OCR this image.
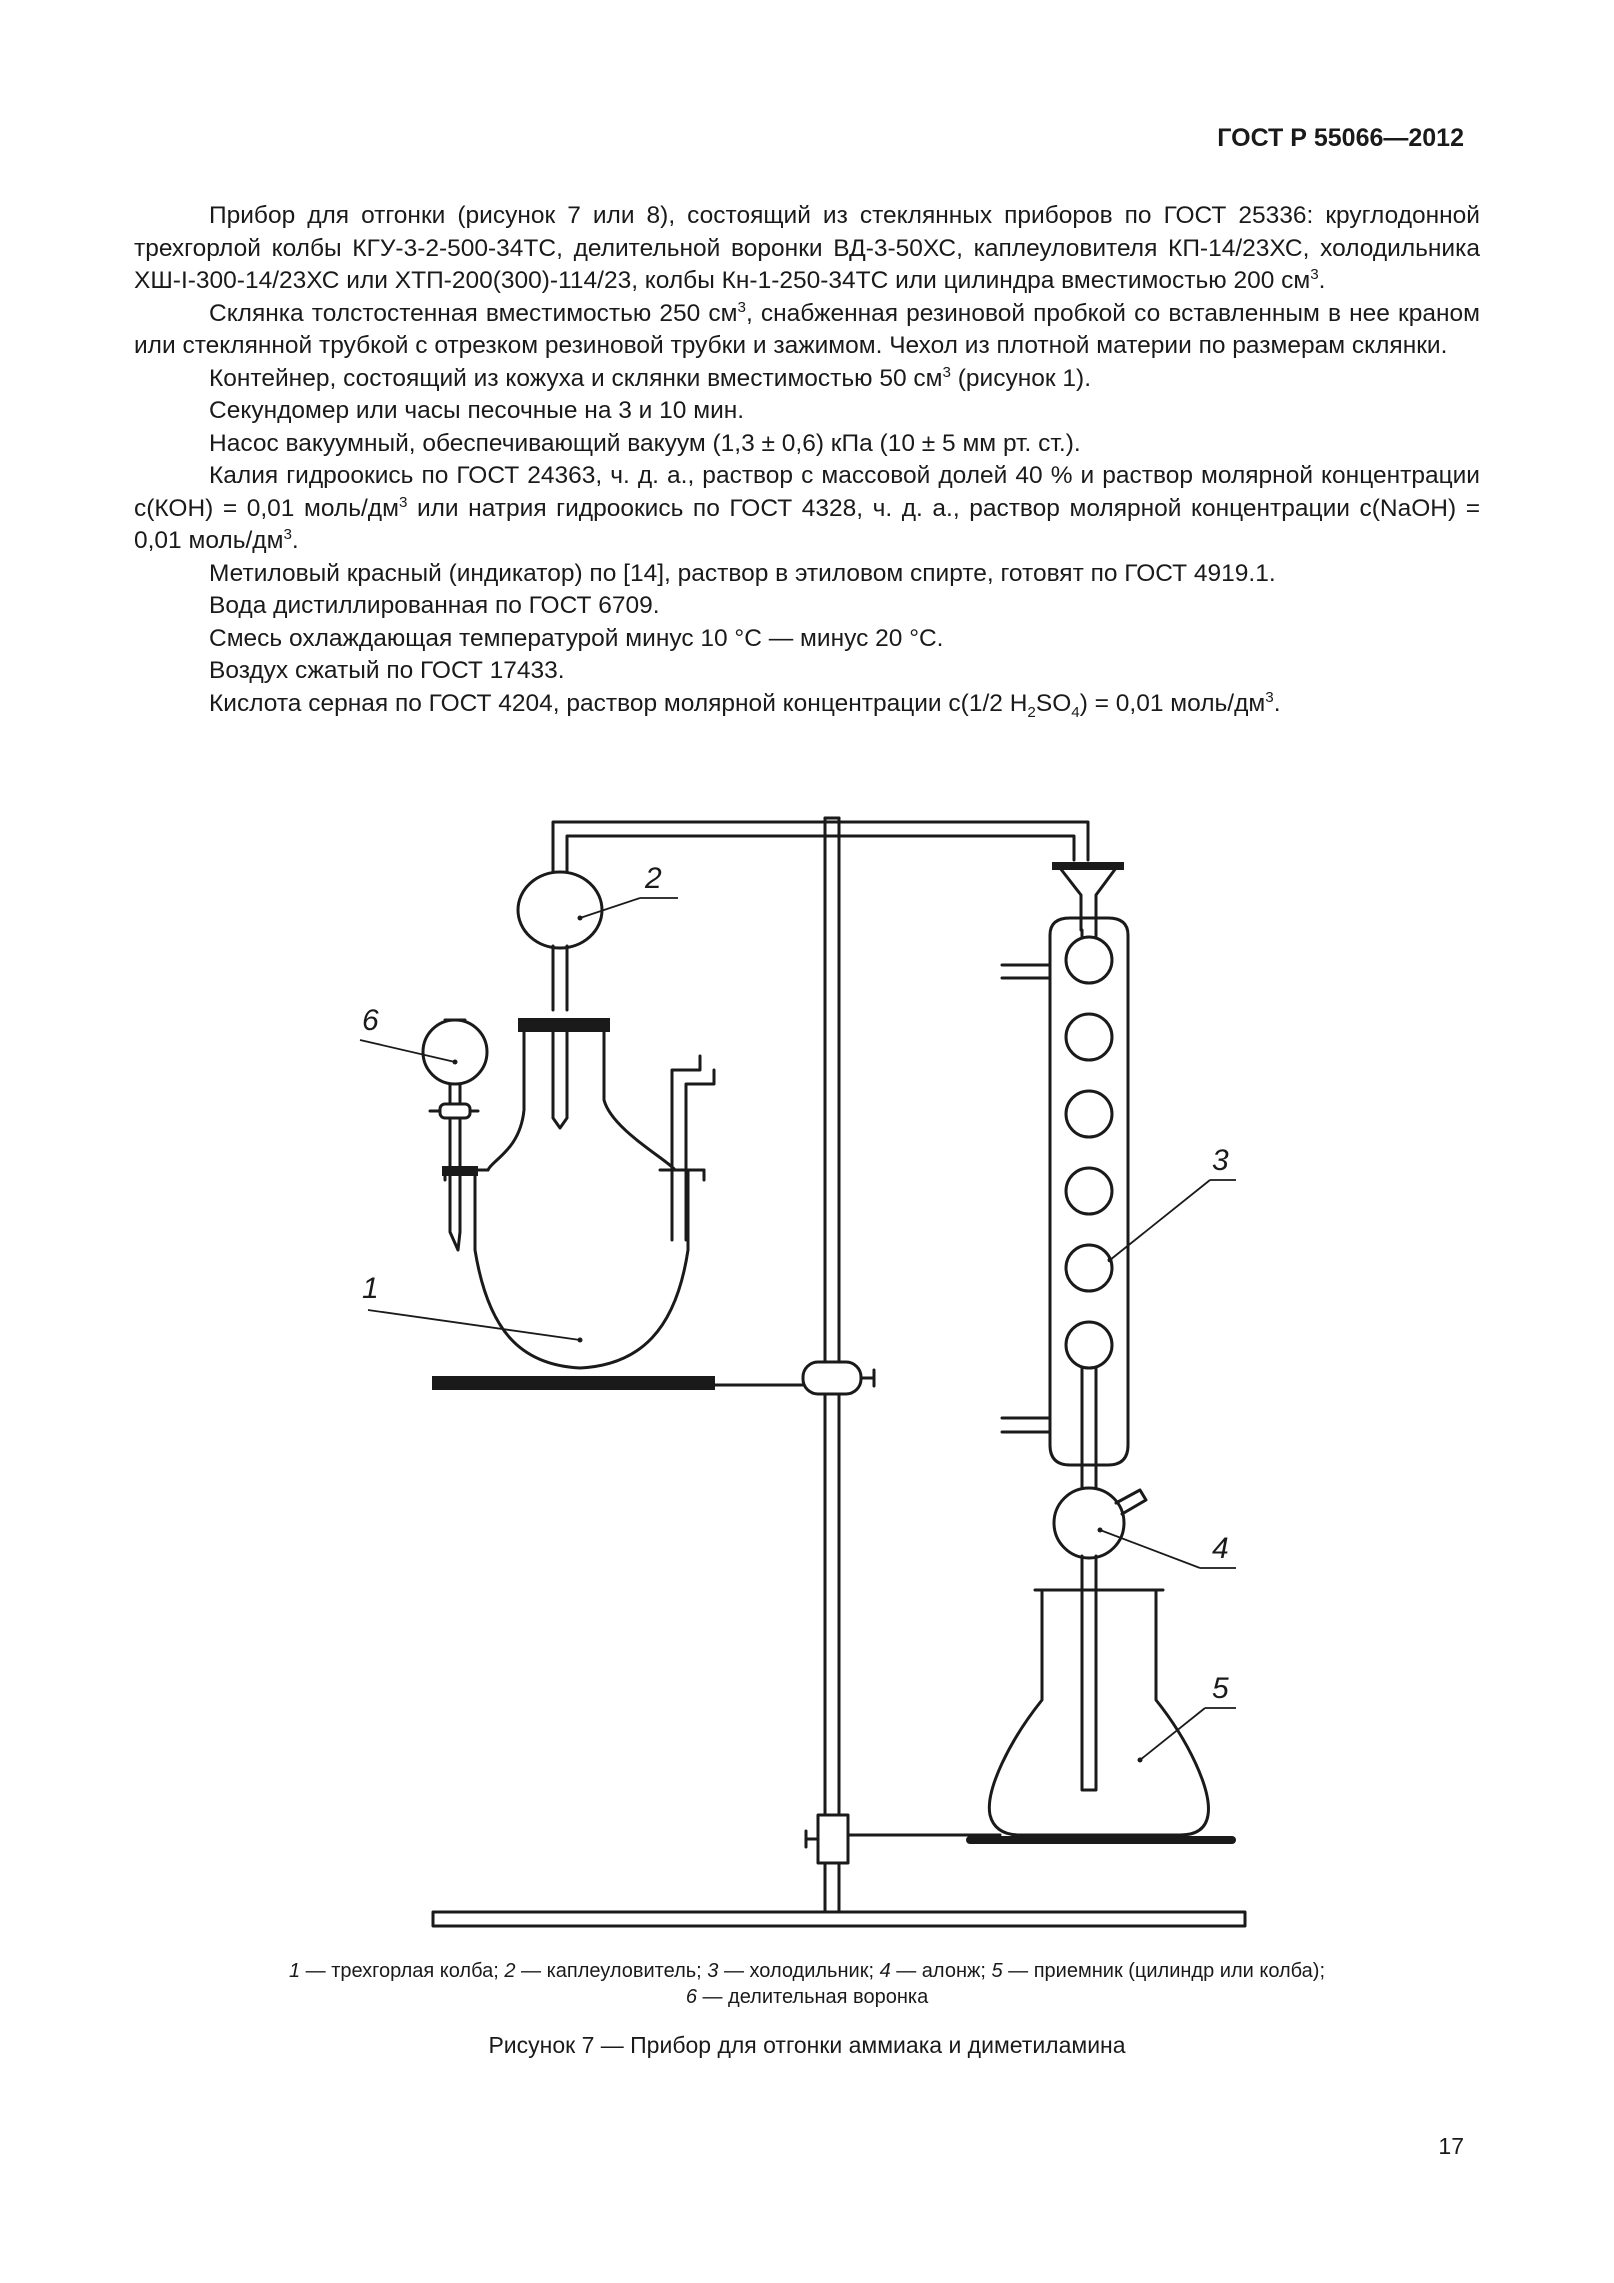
ГОСТ Р 55066—2012

Прибор для отгонки (рисунок 7 или 8), состоящий из стеклянных приборов по ГОСТ 25336: круглодонной трехгорлой колбы КГУ-3-2-500-34ТС, делительной воронки ВД-3-50ХС, каплеуловителя КП-14/23ХС, холодильника ХШ-I-300-14/23ХС или ХТП-200(300)-114/23, колбы Кн-1-250-34ТС или цилиндра вместимостью 200 $см^3$.

Склянка толстостенная вместимостью 250 $см^3$, снабженная резиновой пробкой со вставленным в нее краном или стеклянной трубкой с отрезком резиновой трубки и зажимом. Чехол из плотной материи по размерам склянки.

Контейнер, состоящий из кожуха и склянки вместимостью 50 $см^3$ (рисунок 1).

Секундомер или часы песочные на 3 и 10 мин.

Насос вакуумный, обеспечивающий вакуум (1,3 ± 0,6) кПа (10 ± 5 мм рт. ст.).

Калия гидроокись по ГОСТ 24363, ч. д. а., раствор с массовой долей 40 % и раствор молярной концентрации c(КОН) = 0,01 моль/$дм^3$ или натрия гидроокись по ГОСТ 4328, ч. д. а., раствор молярной концентрации c(NaOH) = 0,01 моль/$дм^3$.

Метиловый красный (индикатор) по [14], раствор в этиловом спирте, готовят по ГОСТ 4919.1.

Вода дистиллированная по ГОСТ 6709.

Смесь охлаждающая температурой минус 10 °С — минус 20 °С.

Воздух сжатый по ГОСТ 17433.

Кислота серная по ГОСТ 4204, раствор молярной концентрации c(1/2 $H_2SO_4) = 0,01$ моль/$дм^3$.

1
2
3
4
5
6
1 — трехгорлая колба; 2 — каплеуловитель; 3 — холодильник; 4 — алонж; 5 — приемник (цилиндр или колба);
6 — делительная воронка
Рисунок 7 — Прибор для отгонки аммиака и диметиламина
17
